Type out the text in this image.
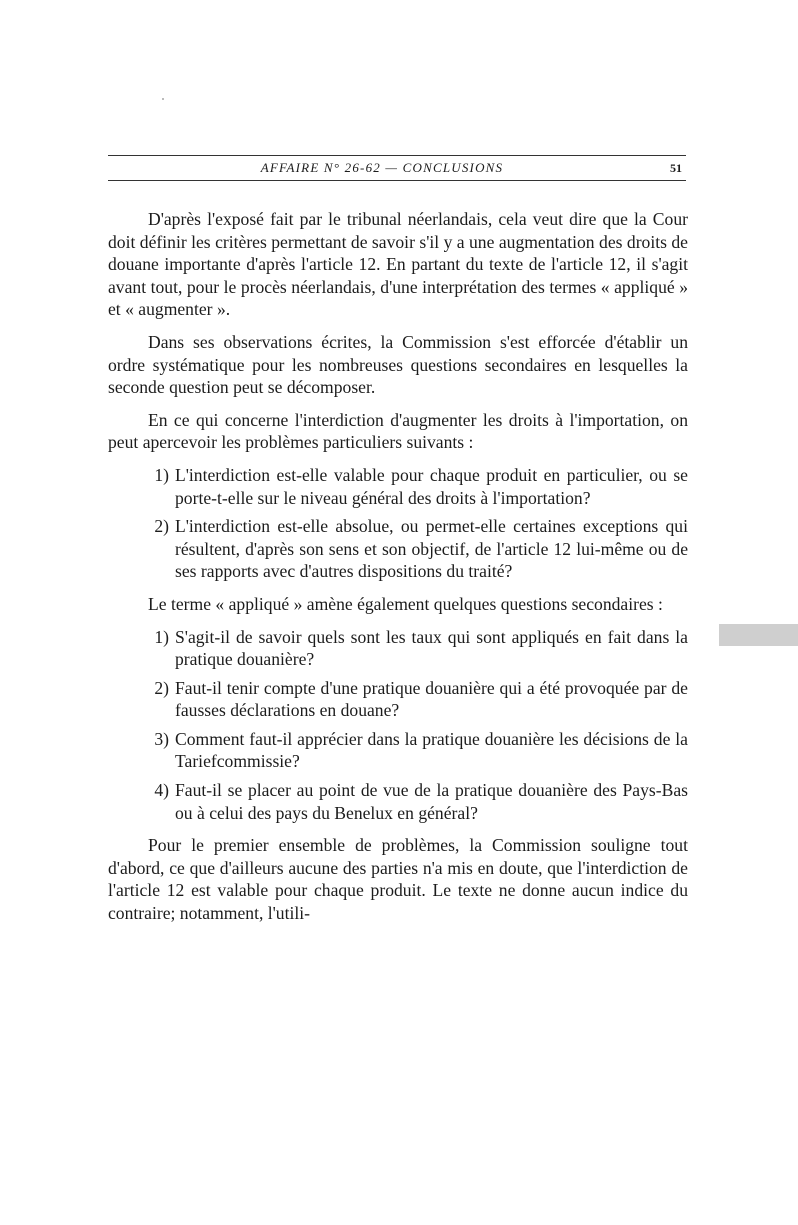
AFFAIRE N° 26-62 — CONCLUSIONS	51

D'après l'exposé fait par le tribunal néerlandais, cela veut dire que la Cour doit définir les critères permettant de savoir s'il y a une augmentation des droits de douane importante d'après l'article 12. En partant du texte de l'article 12, il s'agit avant tout, pour le procès néerlandais, d'une interprétation des termes « appliqué » et « augmenter ».

Dans ses observations écrites, la Commission s'est efforcée d'établir un ordre systématique pour les nombreuses questions secondaires en lesquelles la seconde question peut se décomposer.

En ce qui concerne l'interdiction d'augmenter les droits à l'importation, on peut apercevoir les problèmes particuliers suivants :

1) L'interdiction est-elle valable pour chaque produit en particulier, ou se porte-t-elle sur le niveau général des droits à l'importation?
2) L'interdiction est-elle absolue, ou permet-elle certaines exceptions qui résultent, d'après son sens et son objectif, de l'article 12 lui-même ou de ses rapports avec d'autres dispositions du traité?

Le terme « appliqué » amène également quelques questions secondaires :

1) S'agit-il de savoir quels sont les taux qui sont appliqués en fait dans la pratique douanière?
2) Faut-il tenir compte d'une pratique douanière qui a été provoquée par de fausses déclarations en douane?
3) Comment faut-il apprécier dans la pratique douanière les décisions de la Tariefcommissie?
4) Faut-il se placer au point de vue de la pratique douanière des Pays-Bas ou à celui des pays du Benelux en général?

Pour le premier ensemble de problèmes, la Commission souligne tout d'abord, ce que d'ailleurs aucune des parties n'a mis en doute, que l'interdiction de l'article 12 est valable pour chaque produit. Le texte ne donne aucun indice du contraire; notamment, l'utili-
